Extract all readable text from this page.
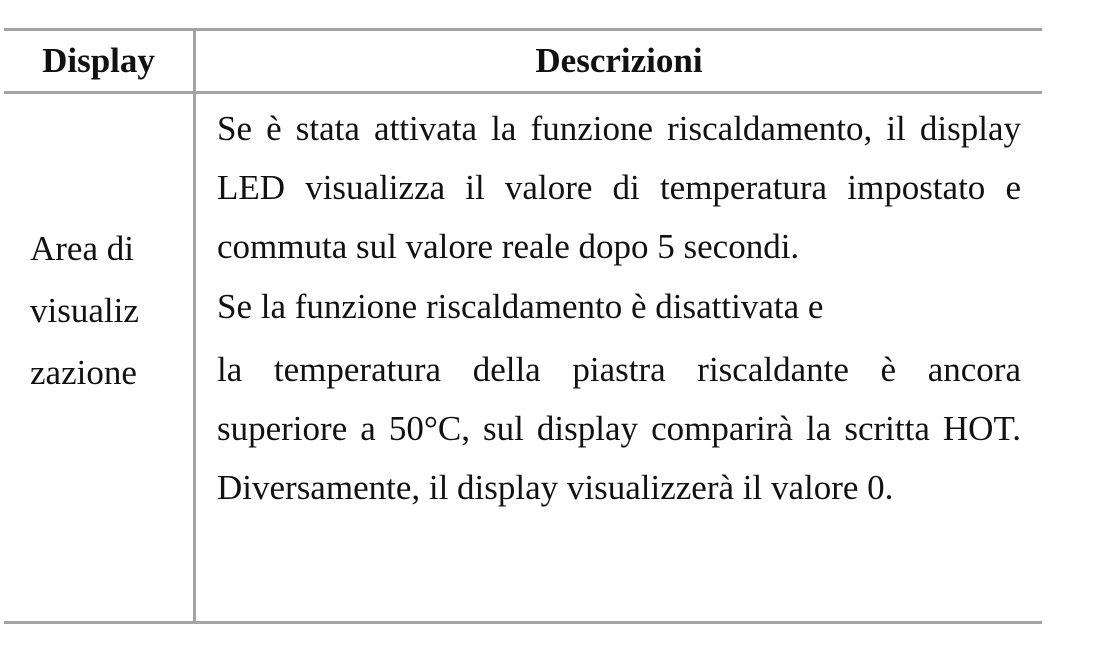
Display	Descrizioni
Area di
visualiz
zazione
Se è stata attivata la funzione riscaldamento, il display LED visualizza il valore di temperatura impostato e commuta sul valore reale dopo 5 secondi.
Se la funzione riscaldamento è disattivata e
la temperatura della piastra riscaldante è ancora superiore a 50°C, sul display comparirà la scritta HOT. Diversamente, il display visualizzerà il valore 0.
